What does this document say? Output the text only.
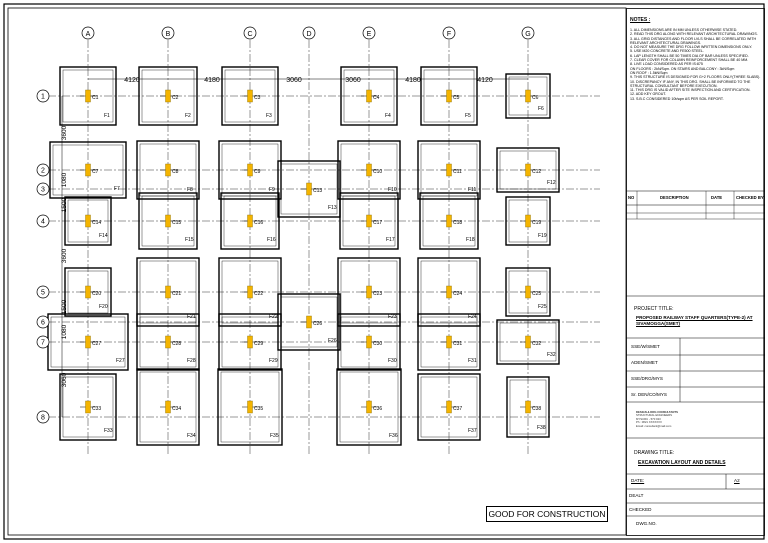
4120	4180	3060	3060	4180	4120
3600
1080
1500
3600
1500
1080
3060
C1
F1
C2
F2
C3
F3
C4
F4
C5
F5
C6
F6
C7
F7
C8
F8
C9
F9
C10
F10
C11
F11
C12
F12
C13
F13
C14
F14
C15
F15
C16
F16
C17
F17
C18
F18
C19
F19
C20
F20
C21
F21
C22
F22
C23
F23
C24
F24
C25
F25
C26
F26
C27
F27
C28
F28
C29
F29
C30
F30
C31
F31
C32
F32
C33
F33
C34
F34
C35
F35
C36
F36
C37
F37
C38
F38
A	B	C	D	E	F	G
1
2
3
4
5
6
7
8
NOTES :
1. ALL DIMENSIONS ARE IN MM UNLESS OTHERWISE STATED.
2. READ THIS DRG ALONG WITH RELEVANT ARCHITECTURAL DRAWINGS.
3. ALL GRID DISTANCES AND FLOOR LVLS SHALL BE CORRELATED WITH RELEVANT ARCHITECTURAL DRAWINGS.
4. DO NOT MEASURE THE DRG FOLLOW WRITTEN DIMENSIONS ONLY.
5. USE M20 CONCRETE AND FE500 STEEL.
6. LAP LENGTH SHALL BE 50 TIMES DIA OF BAR UNLESS SPECIFIED.
7. CLEAR COVER FOR COLUMN REINFORCEMENT SHALL BE 40 MM.
8. LIVE LOAD CONSIDERED AS PER IS:875
ON FLOORS : 2kN/Sqm. ON STAIRS AND BALCONY : 3kN/Sqm
ON ROOF : 1.5kN/Sqm
9. THIS STRUCTURE IS DESIGNED FOR G+2 FLOORS ONLY(THREE SLABS).
10. DISCREPANCY IF ANY, IN THIS DRG. SHALL BE INFORMED TO THE STRUCTURAL CONSULTANT BEFORE EXECUTION.
11. THIS DRG IS VALID AFTER SITE INSPECTION AND CERTIFICATION.
12. ADD KEY GROUT.
13. S.B.C CONSIDERED 10t/sqm AS PER SOIL REPORT.
NO	DESCRIPTION	DATE	CHECKED BY
PROJECT TITLE:
PROPOSED RAILWAY STAFF QUARTERS(TYPE-2) AT SIVAMOGGA(SMET)
SSE/W/SMET
ADEN/SMET
SSE/DRG/MYS
Sr. DEN/CO/MYS
DESIGN & DRG CONSULTANTS
STRUCTURAL ENGINEERS
MYSURU - 570 023
Ph : 0821 XXXXXXX
Email: consultant@mail.com
DRAWING TITLE:
EXCAVATION LAYOUT AND DETAILS
DATE:	A2
DEALT
CHECKED
DWG.NO.
GOOD FOR CONSTRUCTION
